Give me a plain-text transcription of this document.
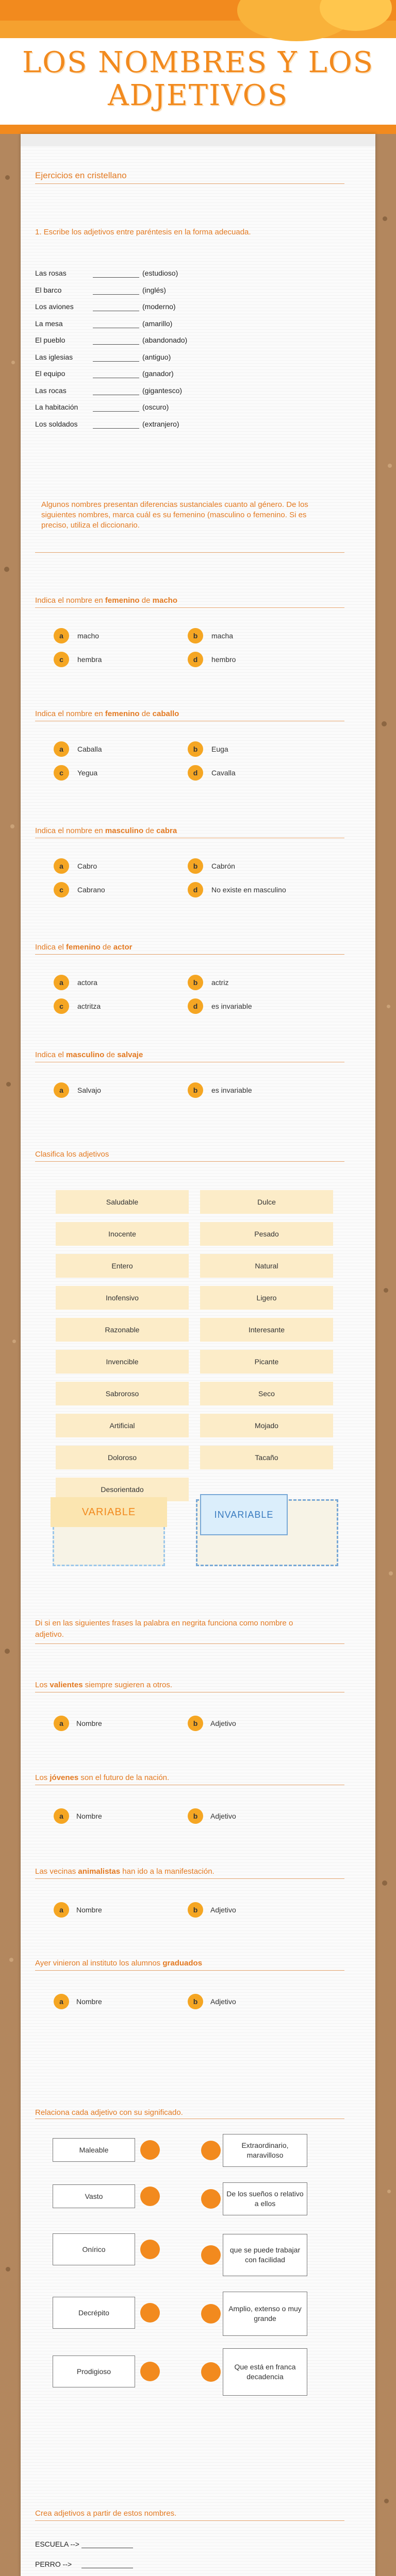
LOS NOMBRES Y LOS ADJETIVOS
Ejercicios en cristellano
1. Escribe los adjetivos entre paréntesis en la forma adecuada.
Las rosas	(estudioso)
El barco	(inglés)
Los aviones	(moderno)
La mesa	(amarillo)
El pueblo	(abandonado)
Las iglesias	(antiguo)
El equipo	(ganador)
Las rocas	(gigantesco)
La habitación	(oscuro)
Los soldados	(extranjero)
Algunos nombres presentan diferencias sustanciales cuanto al género. De los siguientes nombres, marca cuál es su femenino (masculino o femenino. Si es preciso, utiliza el diccionario.
Indica el nombre en femenino de macho
a	macho	b	macha
c	hembra	d	hembro
Indica el nombre en femenino de caballo
a	Caballa	b	Euga
c	Yegua	d	Cavalla
Indica el nombre en masculino de cabra
a	Cabro	b	Cabrón
c	Cabrano	d	No existe en masculino
Indica el femenino de actor
a	actora	b	actriz
c	actritza	d	es invariable
Indica el masculino de salvaje
a	Salvajo	b	es invariable
Clasifica los adjetivos
Saludable
Inocente
Entero
Inofensivo
Razonable
Invencible
Sabroroso
Artificial
Doloroso
Desorientado
Dulce
Pesado
Natural
Ligero
Interesante
Picante
Seco
Mojado
Tacaño
VARIABLE	INVARIABLE
Di si en las siguientes frases la palabra en negrita funciona como nombre o adjetivo.
Los valientes siempre sugieren a otros.
a	Nombre	b	Adjetivo
Los jóvenes son el futuro de la nación.
a	Nombre	b	Adjetivo
Las vecinas animalistas han ido a la manifestación.
a	Nombre	b	Adjetivo
Ayer vinieron al instituto los alumnos graduados
a	Nombre	b	Adjetivo
Relaciona cada adjetivo con su significado.
Maleable
Vasto
Onírico
Decrépito
Prodigioso
Extraordinario, maravilloso
De los sueños o relativo a ellos
que se puede trabajar con facilidad
Amplio, extenso o muy grande
Que está en franca decadencia
Crea adjetivos a partir de estos nombres.
ESCUELA -->
PERRO -->
